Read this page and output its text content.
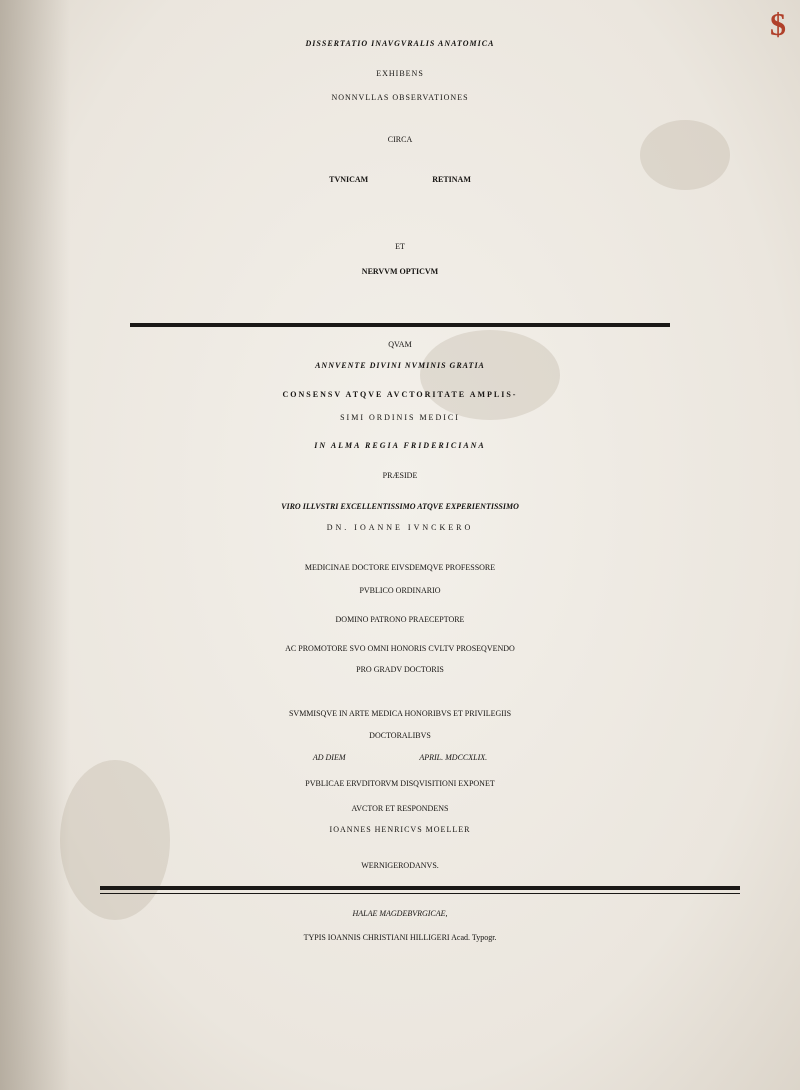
$
DISSERTATIO INAVGVRALIS ANATOMICA
EXHIBENS
NONNVLLAS OBSERVATIONES
CIRCA
TVNICAM	RETINAM
ET
NERVVM OPTICVM
QVAM
ANNVENTE DIVINI NVMINIS GRATIA
CONSENSV ATQVE AVCTORITATE AMPLIS-
SIMI ORDINIS MEDICI
IN ALMA REGIA FRIDERICIANA
PRÆSIDE
VIRO ILLVSTRI EXCELLENTISSIMO ATQVE EXPERIENTISSIMO
DN. IOANNE IVNCKERO
MEDICINAE DOCTORE EIVSDEMQVE PROFESSORE
PVBLICO ORDINARIO
DOMINO PATRONO PRAECEPTORE
AC PROMOTORE SVO OMNI HONORIS CVLTV PROSEQVENDO
PRO GRADV DOCTORIS
SVMMISQVE IN ARTE MEDICA HONORIBVS ET PRIVILEGIIS
DOCTORALIBVS
AD DIEM	APRIL. MDCCXLIX.
PVBLICAE ERVDITORVM DISQVISITIONI EXPONET
AVCTOR ET RESPONDENS
IOANNES HENRICVS MOELLER
WERNIGERODANVS.
HALAE MAGDEBVRGICAE,
TYPIS IOANNIS CHRISTIANI HILLIGERI Acad. Typogr.
